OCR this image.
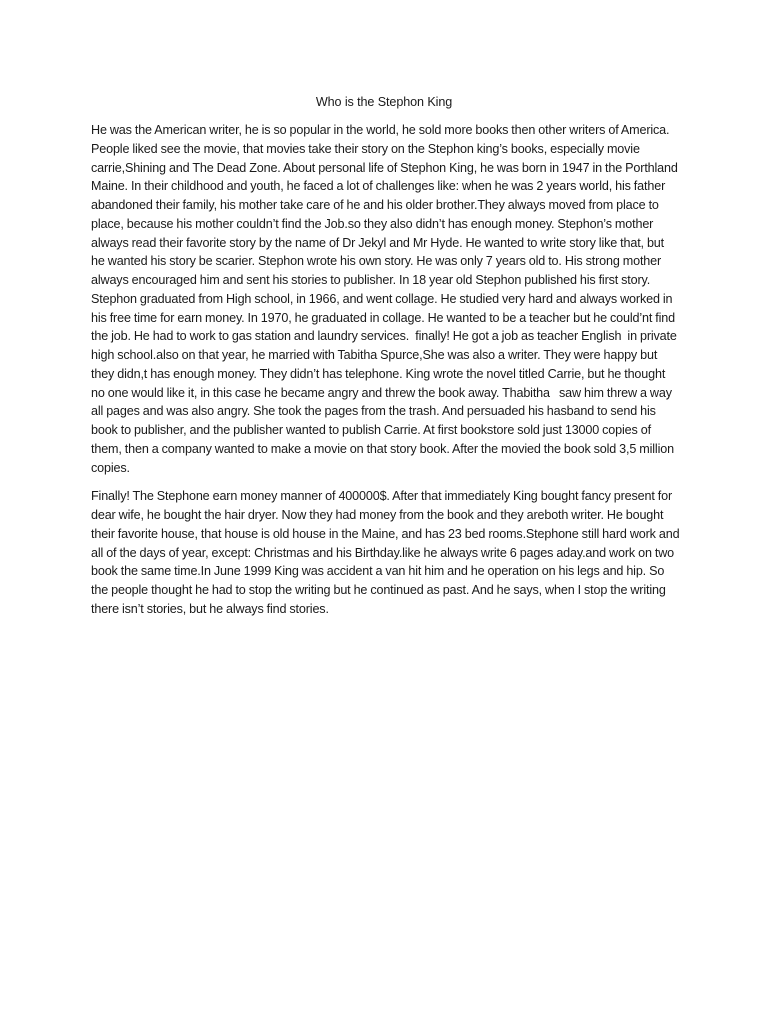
Who is the Stephon King

He was the American writer, he is so popular in the world, he sold more books then other writers of America. People liked see the movie, that movies take their story on the Stephon king’s books, especially movie carrie,Shining and The Dead Zone. About personal life of Stephon King, he was born in 1947 in the Porthland Maine. In their childhood and youth, he faced a lot of challenges like: when he was 2 years world, his father abandoned their family, his mother take care of he and his older brother.They always moved from place to place, because his mother couldn’t find the Job.so they also didn’t has enough money. Stephon’s mother always read their favorite story by the name of Dr Jekyl and Mr Hyde. He wanted to write story like that, but he wanted his story be scarier. Stephon wrote his own story. He was only 7 years old to. His strong mother always encouraged him and sent his stories to publisher. In 18 year old Stephon published his first story. Stephon graduated from High school, in 1966, and went collage. He studied very hard and always worked in his free time for earn money. In 1970, he graduated in collage. He wanted to be a teacher but he could’nt find the job. He had to work to gas station and laundry services.  finally! He got a job as teacher English  in private high school.also on that year, he married with Tabitha Spurce,She was also a writer. They were happy but they didn,t has enough money. They didn’t has telephone. King wrote the novel titled Carrie, but he thought no one would like it, in this case he became angry and threw the book away. Thabitha   saw him threw a way all pages and was also angry. She took the pages from the trash. And persuaded his hasband to send his book to publisher, and the publisher wanted to publish Carrie. At first bookstore sold just 13000 copies of them, then a company wanted to make a movie on that story book. After the movied the book sold 3,5 million copies.

Finally! The Stephone earn money manner of 400000$. After that immediately King bought fancy present for dear wife, he bought the hair dryer. Now they had money from the book and they areboth writer. He bought their favorite house, that house is old house in the Maine, and has 23 bed rooms.Stephone still hard work and all of the days of year, except: Christmas and his Birthday.like he always write 6 pages aday.and work on two book the same time.In June 1999 King was accident a van hit him and he operation on his legs and hip. So the people thought he had to stop the writing but he continued as past. And he says, when I stop the writing there isn’t stories, but he always find stories.
